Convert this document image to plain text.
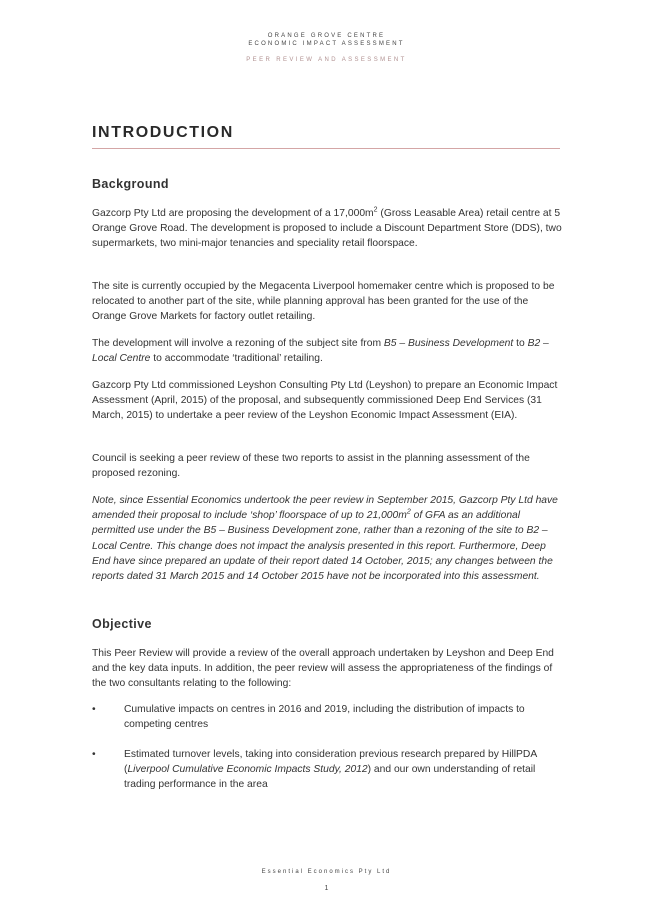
ORANGE GROVE CENTRE
ECONOMIC IMPACT ASSESSMENT
PEER REVIEW AND ASSESSMENT
INTRODUCTION
Background
Gazcorp Pty Ltd are proposing the development of a $17,000m^2$ (Gross Leasable Area) retail centre at 5 Orange Grove Road. The development is proposed to include a Discount Department Store (DDS), two supermarkets, two mini-major tenancies and speciality retail floorspace.
The site is currently occupied by the Megacenta Liverpool homemaker centre which is proposed to be relocated to another part of the site, while planning approval has been granted for the use of the Orange Grove Markets for factory outlet retailing.
The development will involve a rezoning of the subject site from B5 – Business Development to B2 – Local Centre to accommodate ‘traditional’ retailing.
Gazcorp Pty Ltd commissioned Leyshon Consulting Pty Ltd (Leyshon) to prepare an Economic Impact Assessment (April, 2015) of the proposal, and subsequently commissioned Deep End Services (31 March, 2015) to undertake a peer review of the Leyshon Economic Impact Assessment (EIA).
Council is seeking a peer review of these two reports to assist in the planning assessment of the proposed rezoning.
Note, since Essential Economics undertook the peer review in September 2015, Gazcorp Pty Ltd have amended their proposal to include ‘shop’ floorspace of up to $21,000m^2$ of GFA as an additional permitted use under the B5 – Business Development zone, rather than a rezoning of the site to B2 – Local Centre. This change does not impact the analysis presented in this report. Furthermore, Deep End have since prepared an update of their report dated 14 October, 2015; any changes between the reports dated 31 March 2015 and 14 October 2015 have not be incorporated into this assessment.
Objective
This Peer Review will provide a review of the overall approach undertaken by Leyshon and Deep End and the key data inputs. In addition, the peer review will assess the appropriateness of the findings of the two consultants relating to the following:
•	Cumulative impacts on centres in 2016 and 2019, including the distribution of impacts to competing centres
•	Estimated turnover levels, taking into consideration previous research prepared by HillPDA (Liverpool Cumulative Economic Impacts Study, 2012) and our own understanding of retail trading performance in the area
Essential Economics Pty Ltd
1
